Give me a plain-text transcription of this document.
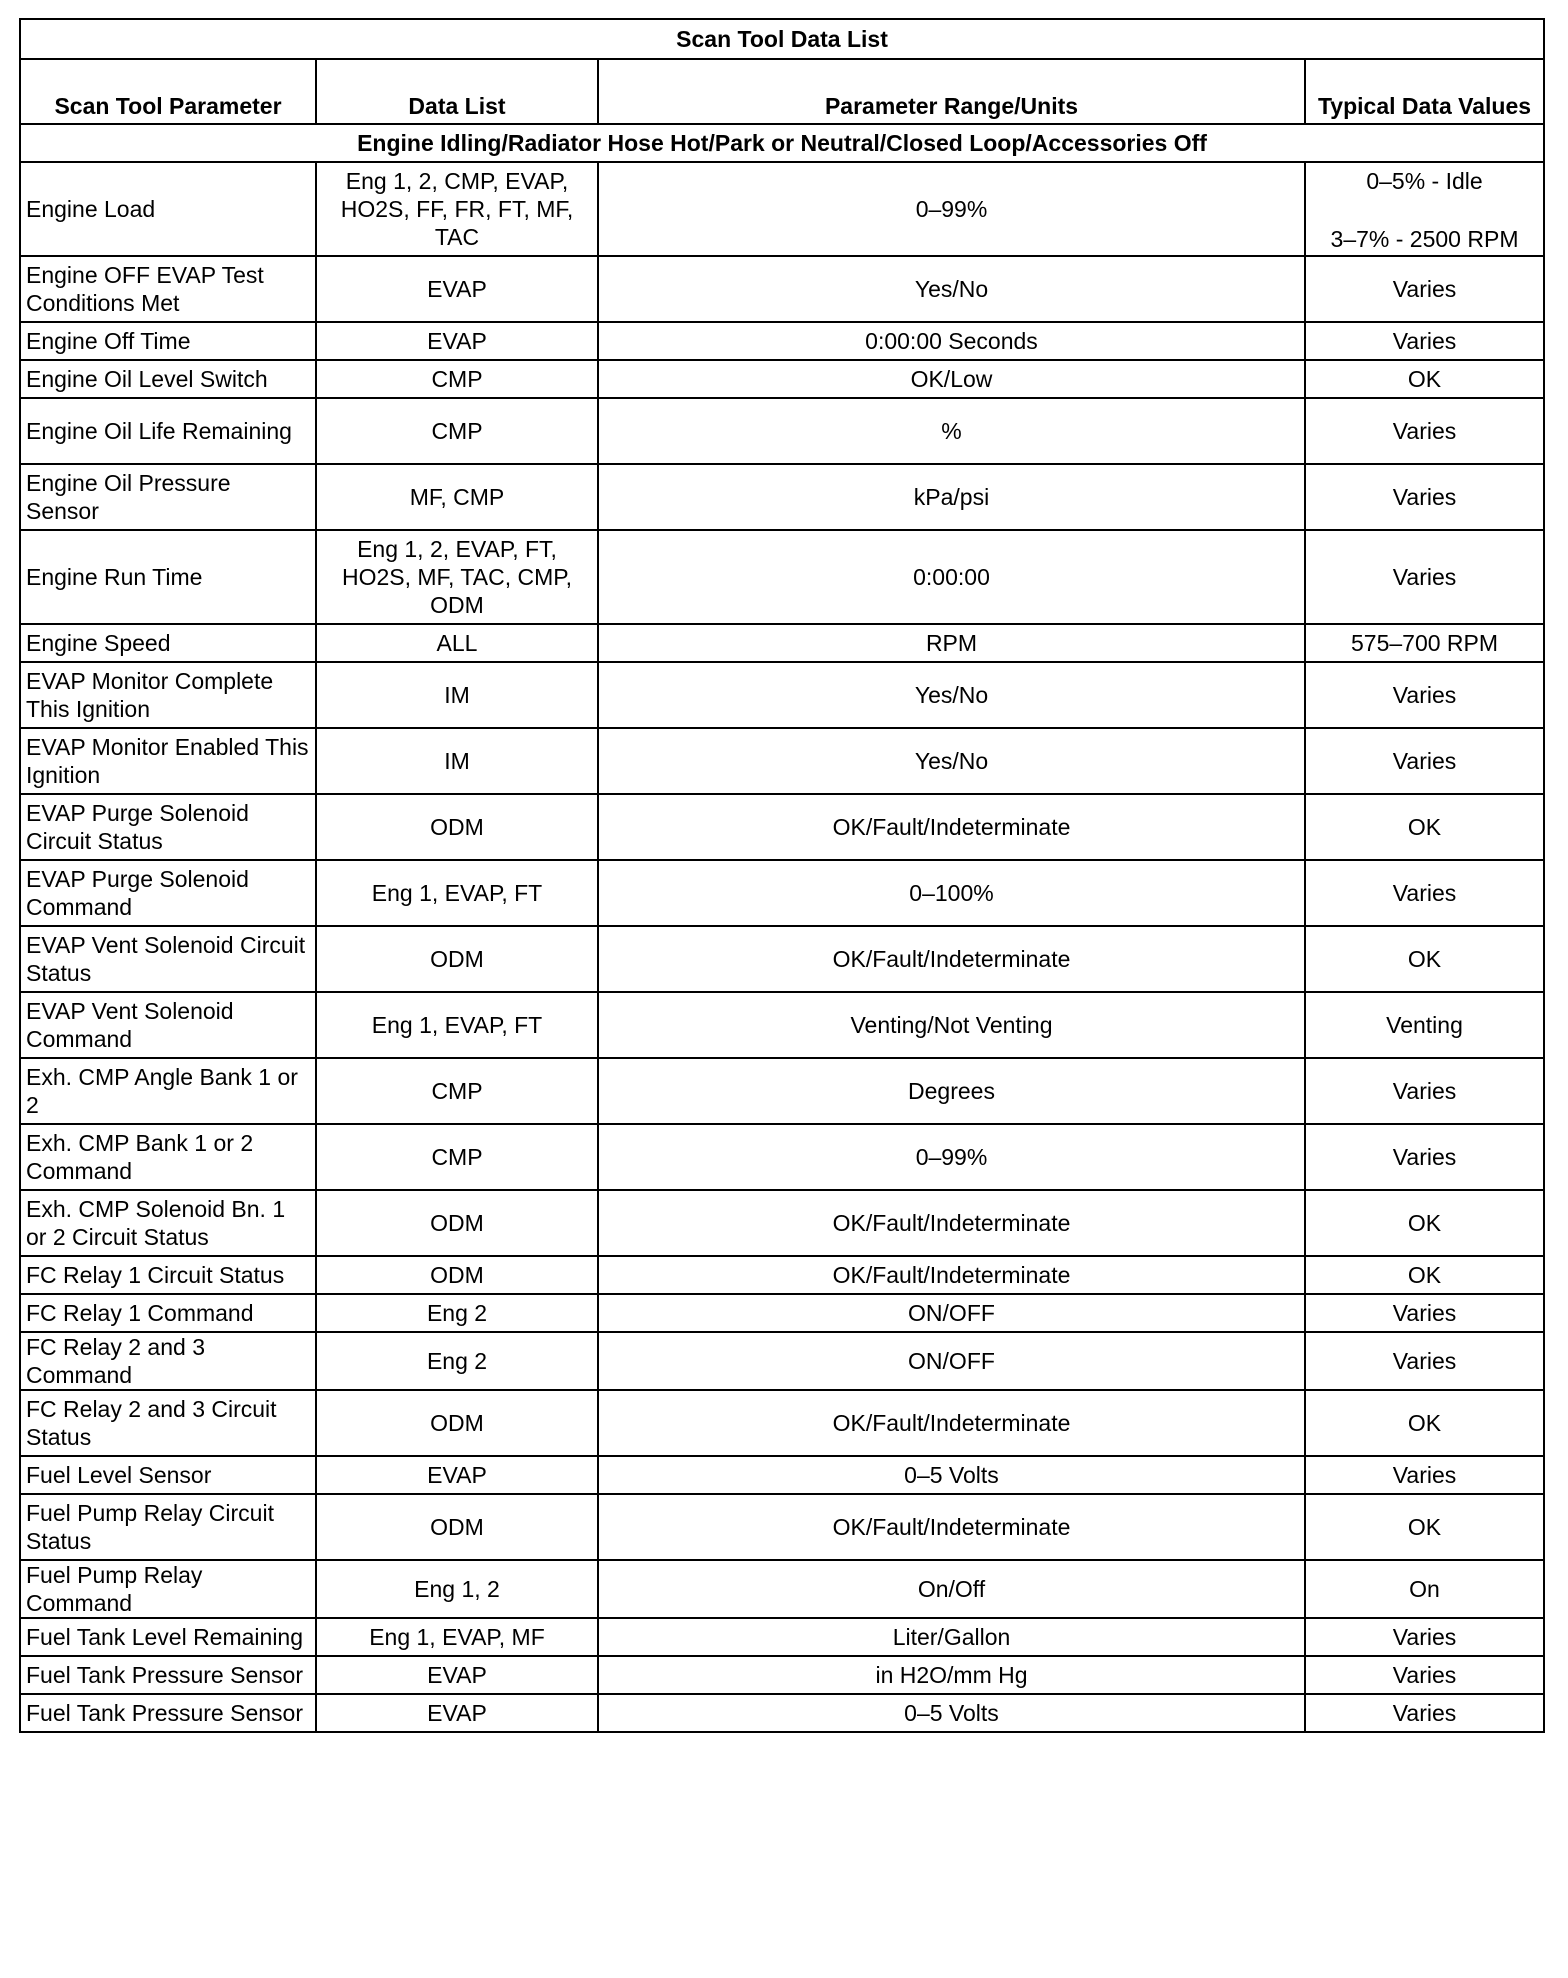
Scan Tool Data List			
Scan Tool Parameter	Data List	Parameter Range/Units	Typical Data Values
Engine Idling/Radiator Hose Hot/Park or Neutral/Closed Loop/Accessories Off			
Engine Load	Eng 1, 2, CMP, EVAP, HO2S, FF, FR, FT, MF, TAC	0–99%	0–5% - Idle
3–7% - 2500 RPM

Engine OFF EVAP Test Conditions Met	EVAP	Yes/No	Varies
Engine Off Time	EVAP	0:00:00 Seconds	Varies
Engine Oil Level Switch	CMP	OK/Low	OK
Engine Oil Life Remaining	CMP	%	Varies
Engine Oil Pressure Sensor	MF, CMP	kPa/psi	Varies
Engine Run Time	Eng 1, 2, EVAP, FT, HO2S, MF, TAC, CMP, ODM	0:00:00	Varies
Engine Speed	ALL	RPM	575–700 RPM
EVAP Monitor Complete This Ignition	IM	Yes/No	Varies
EVAP Monitor Enabled This Ignition	IM	Yes/No	Varies
EVAP Purge Solenoid Circuit Status	ODM	OK/Fault/Indeterminate	OK
EVAP Purge Solenoid Command	Eng 1, EVAP, FT	0–100%	Varies
EVAP Vent Solenoid Circuit Status	ODM	OK/Fault/Indeterminate	OK
EVAP Vent Solenoid Command	Eng 1, EVAP, FT	Venting/Not Venting	Venting
Exh. CMP Angle Bank 1 or 2	CMP	Degrees	Varies
Exh. CMP Bank 1 or 2 Command	CMP	0–99%	Varies
Exh. CMP Solenoid Bn. 1 or 2 Circuit Status	ODM	OK/Fault/Indeterminate	OK
FC Relay 1 Circuit Status	ODM	OK/Fault/Indeterminate	OK
FC Relay 1 Command	Eng 2	ON/OFF	Varies
FC Relay 2 and 3 Command	Eng 2	ON/OFF	Varies
FC Relay 2 and 3 Circuit Status	ODM	OK/Fault/Indeterminate	OK
Fuel Level Sensor	EVAP	0–5 Volts	Varies
Fuel Pump Relay Circuit Status	ODM	OK/Fault/Indeterminate	OK
Fuel Pump Relay Command	Eng 1, 2	On/Off	On
Fuel Tank Level Remaining	Eng 1, EVAP, MF	Liter/Gallon	Varies
Fuel Tank Pressure Sensor	EVAP	in H2O/mm Hg	Varies
Fuel Tank Pressure Sensor	EVAP	0–5 Volts	Varies
